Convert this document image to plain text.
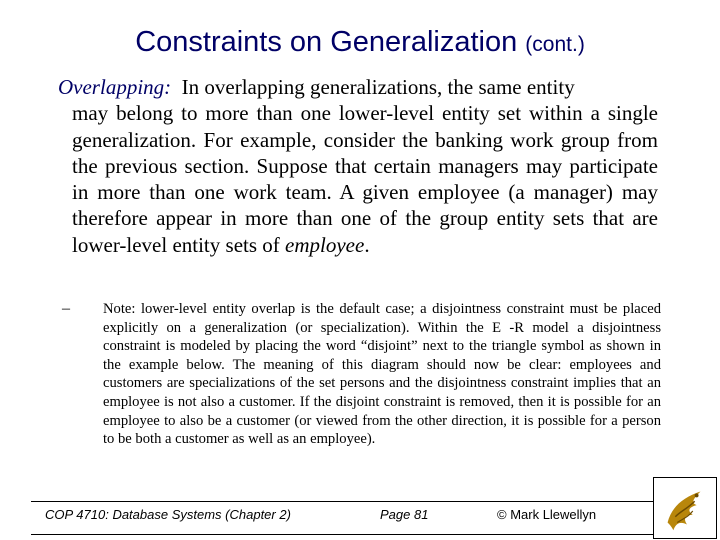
Constraints on Generalization (cont.)
Overlapping: In overlapping generalizations, the same entity
may belong to more than one lower-level entity set within a single generalization. For example, consider the banking work group from the previous section. Suppose that certain managers may participate in more than one work team. A given employee (a manager) may therefore appear in more than one of the group entity sets that are lower-level entity sets of employee.
– Note: lower-level entity overlap is the default case; a disjointness constraint must be placed explicitly on a generalization (or specialization). Within the E -R model a disjointness constraint is modeled by placing the word “disjoint” next to the triangle symbol as shown in the example below. The meaning of this diagram should now be clear: employees and customers are specializations of the set persons and the disjointness constraint implies that an employee is not also a customer. If the disjoint constraint is removed, then it is possible for an employee to also be a customer (or viewed from the other direction, it is possible for a person to be both a customer as well as an employee).
COP 4710: Database Systems (Chapter 2)	Page 81	© Mark Llewellyn
